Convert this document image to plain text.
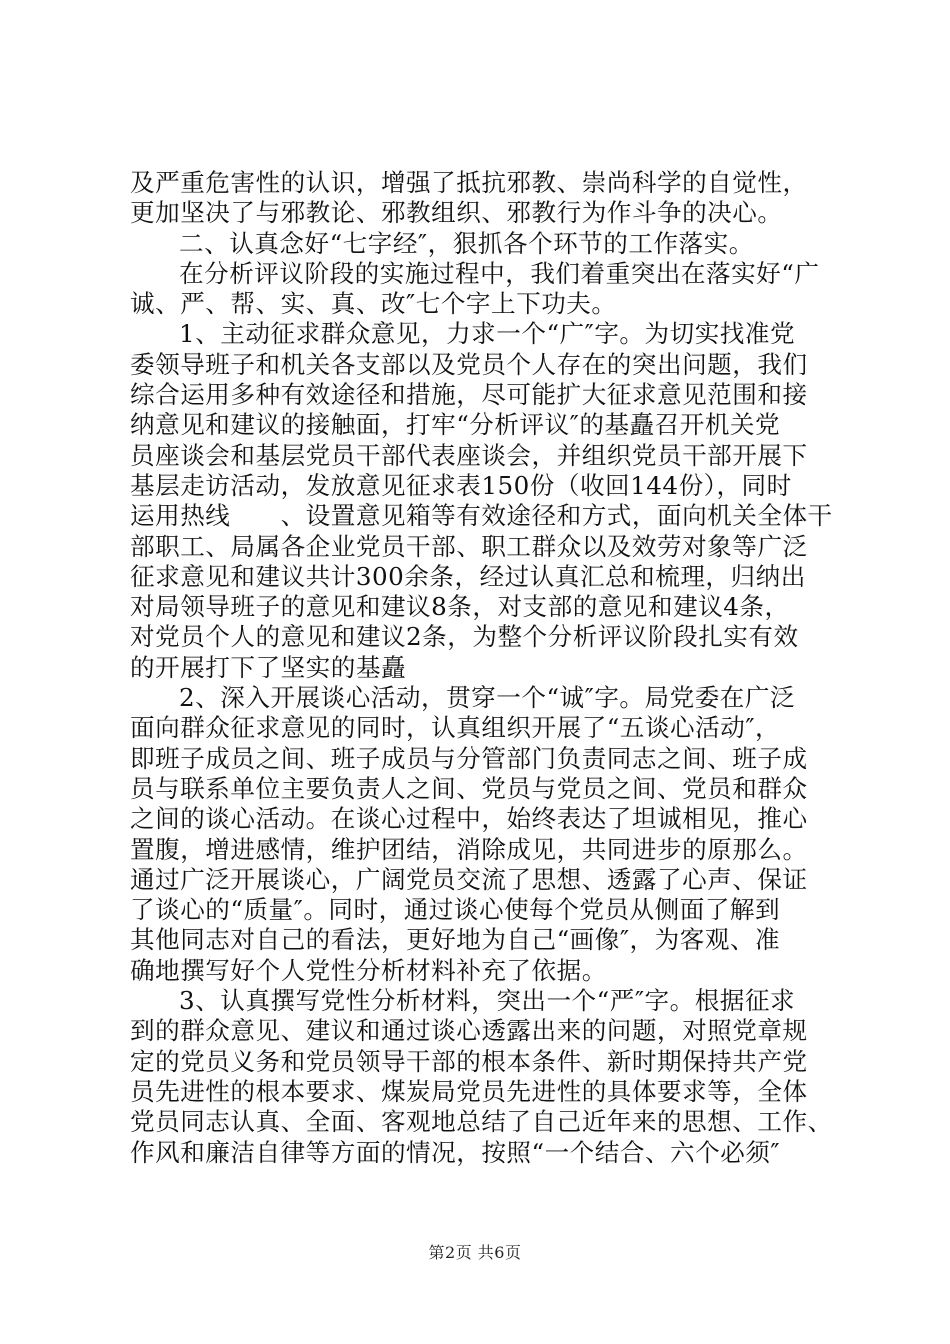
及严重危害性的认识，增强了抵抗邪教、崇尚科学的自觉性，
更加坚决了与邪教论、邪教组织、邪教行为作斗争的决心。
二、认真念好“七字经″，狠抓各个环节的工作落实。
在分析评议阶段的实施过程中，我们着重突出在落实好“广
诚、严、帮、实、真、改″七个字上下功夫。
1、主动征求群众意见，力求一个“广″字。为切实找准党
委领导班子和机关各支部以及党员个人存在的突出问题，我们
综合运用多种有效途径和措施，尽可能扩大征求意见范围和接
纳意见和建议的接触面，打牢“分析评议″的基矗召开机关党
员座谈会和基层党员干部代表座谈会，并组织党员干部开展下
基层走访活动，发放意见征求表150份（收回144份），同时
运用热线　　、设置意见箱等有效途径和方式，面向机关全体干
部职工、局属各企业党员干部、职工群众以及效劳对象等广泛
征求意见和建议共计300余条，经过认真汇总和梳理，归纳出
对局领导班子的意见和建议8条，对支部的意见和建议4条，
对党员个人的意见和建议2条，为整个分析评议阶段扎实有效
的开展打下了坚实的基矗
2、深入开展谈心活动，贯穿一个“诚″字。局党委在广泛
面向群众征求意见的同时，认真组织开展了“五谈心活动″，
即班子成员之间、班子成员与分管部门负责同志之间、班子成
员与联系单位主要负责人之间、党员与党员之间、党员和群众
之间的谈心活动。在谈心过程中，始终表达了坦诚相见，推心
置腹，增进感情，维护团结，消除成见，共同进步的原那么。
通过广泛开展谈心，广阔党员交流了思想、透露了心声、保证
了谈心的“质量″。同时，通过谈心使每个党员从侧面了解到
其他同志对自己的看法，更好地为自己“画像″，为客观、准
确地撰写好个人党性分析材料补充了依据。
3、认真撰写党性分析材料，突出一个“严″字。根据征求
到的群众意见、建议和通过谈心透露出来的问题，对照党章规
定的党员义务和党员领导干部的根本条件、新时期保持共产党
员先进性的根本要求、煤炭局党员先进性的具体要求等，全体
党员同志认真、全面、客观地总结了自己近年来的思想、工作、
作风和廉洁自律等方面的情况，按照“一个结合、六个必须″
第2页 共6页
